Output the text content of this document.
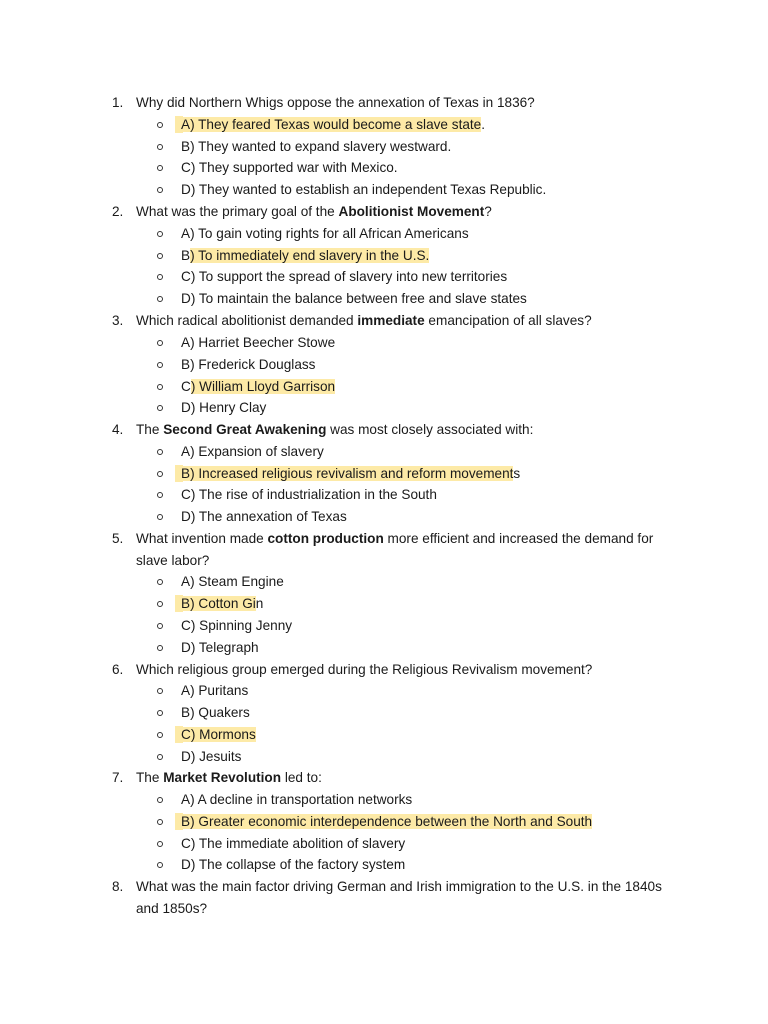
1. Why did Northern Whigs oppose the annexation of Texas in 1836?
A) They feared Texas would become a slave state.
B) They wanted to expand slavery westward.
C) They supported war with Mexico.
D) They wanted to establish an independent Texas Republic.
2. What was the primary goal of the Abolitionist Movement?
A) To gain voting rights for all African Americans
B) To immediately end slavery in the U.S.
C) To support the spread of slavery into new territories
D) To maintain the balance between free and slave states
3. Which radical abolitionist demanded immediate emancipation of all slaves?
A) Harriet Beecher Stowe
B) Frederick Douglass
C) William Lloyd Garrison
D) Henry Clay
4. The Second Great Awakening was most closely associated with:
A) Expansion of slavery
B) Increased religious revivalism and reform movements
C) The rise of industrialization in the South
D) The annexation of Texas
5. What invention made cotton production more efficient and increased the demand for
slave labor?
A) Steam Engine
B) Cotton Gin
C) Spinning Jenny
D) Telegraph
6. Which religious group emerged during the Religious Revivalism movement?
A) Puritans
B) Quakers
C) Mormons
D) Jesuits
7. The Market Revolution led to:
A) A decline in transportation networks
B) Greater economic interdependence between the North and South
C) The immediate abolition of slavery
D) The collapse of the factory system
8. What was the main factor driving German and Irish immigration to the U.S. in the 1840s
and 1850s?
